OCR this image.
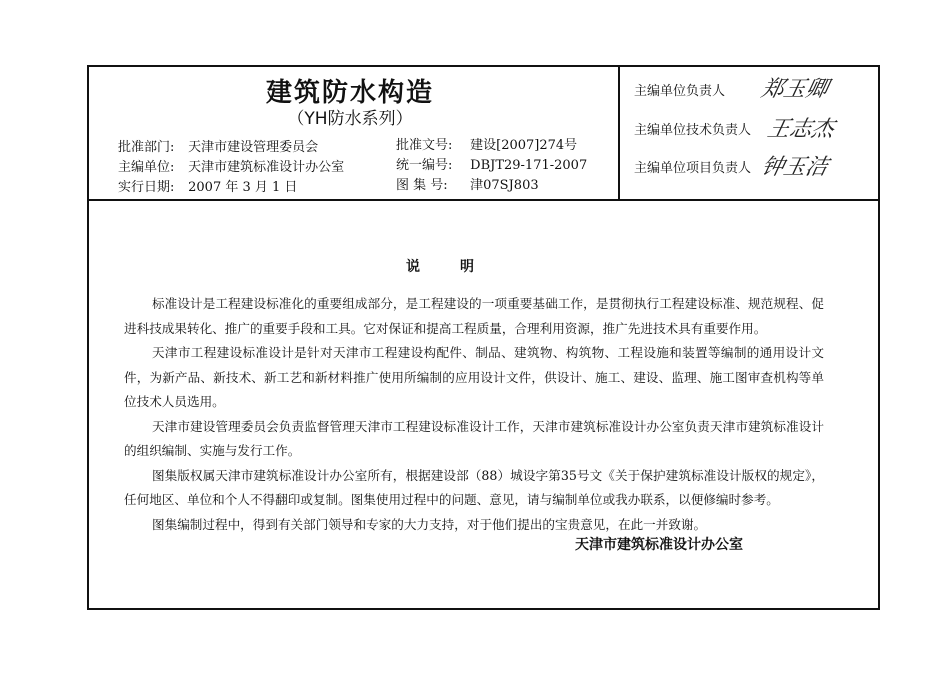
建筑防水构造
（YH防水系列）
批准部门: 天津市建设管理委员会
主编单位: 天津市建筑标准设计办公室
实行日期: 2007 年 3 月 1 日
批准文号: 建设[2007]274号
统一编号: DBJT29-171-2007
图 集 号: 津07SJ803
主编单位负责人 郑玉卿
主编单位技术负责人 王志杰
主编单位项目负责人 钟玉洁
说明

标准设计是工程建设标准化的重要组成部分，是工程建设的一项重要基础工作，是贯彻执行工程建设标准、规范规程、促进科技成果转化、推广的重要手段和工具。它对保证和提高工程质量，合理利用资源，推广先进技术具有重要作用。

天津市工程建设标准设计是针对天津市工程建设构配件、制品、建筑物、构筑物、工程设施和装置等编制的通用设计文件，为新产品、新技术、新工艺和新材料推广使用所编制的应用设计文件，供设计、施工、建设、监理、施工图审查机构等单位技术人员选用。

天津市建设管理委员会负责监督管理天津市工程建设标准设计工作，天津市建筑标准设计办公室负责天津市建筑标准设计的组织编制、实施与发行工作。

图集版权属天津市建筑标准设计办公室所有，根据建设部（88）城设字第35号文《关于保护建筑标准设计版权的规定》，任何地区、单位和个人不得翻印或复制。图集使用过程中的问题、意见，请与编制单位或我办联系，以便修编时参考。

图集编制过程中，得到有关部门领导和专家的大力支持，对于他们提出的宝贵意见，在此一并致谢。

天津市建筑标准设计办公室
